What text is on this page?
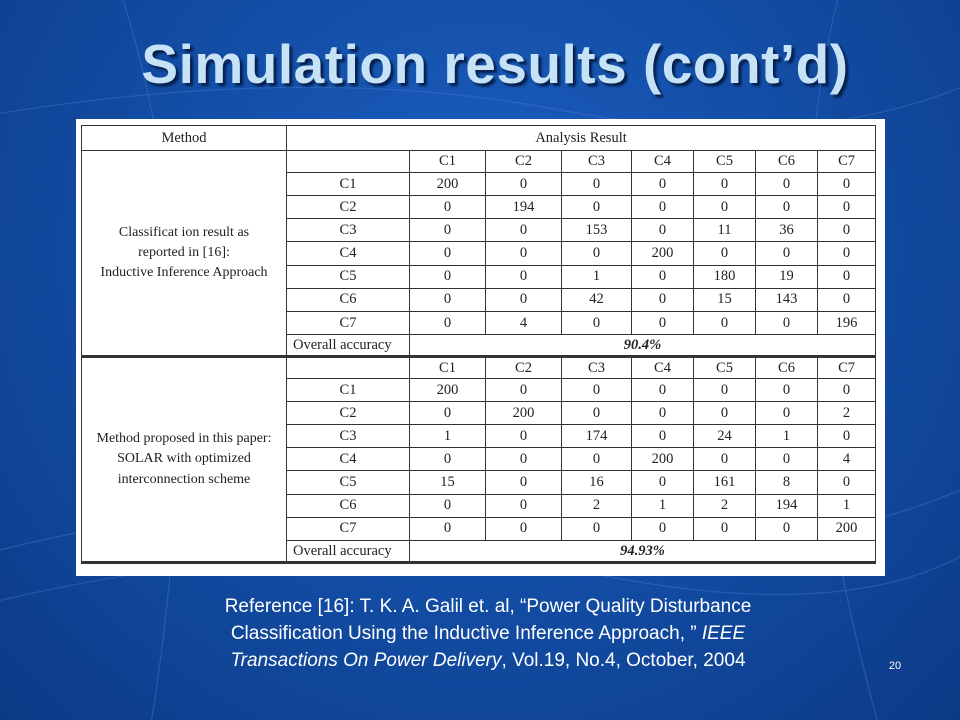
Simulation results (cont’d)
Method	Analysis Result							

Classificat ion result as
reported in [16]:
Inductive Inference Approach		C1	C2	C3	C4	C5	C6	C7
	C1	200	0	0	0	0	0	0
	C2	0	194	0	0	0	0	0
	C3	0	0	153	0	11	36	0
	C4	0	0	0	200	0	0	0
	C5	0	0	1	0	180	19	0
	C6	0	0	42	0	15	143	0
	C7	0	4	0	0	0	0	196
	Overall accuracy	90.4%						

Method proposed in this paper:
SOLAR with optimized
interconnection scheme		C1	C2	C3	C4	C5	C6	C7
	C1	200	0	0	0	0	0	0
	C2	0	200	0	0	0	0	2
	C3	1	0	174	0	24	1	0
	C4	0	0	0	200	0	0	4
	C5	15	0	16	0	161	8	0
	C6	0	0	2	1	2	194	1
	C7	0	0	0	0	0	0	200
	Overall accuracy	94.93%						
Reference [16]: T. K. A. Galil et. al, “Power Quality Disturbance
Classification Using the Inductive Inference Approach, ” IEEE
Transactions On Power Delivery, Vol.19, No.4, October, 2004	20
